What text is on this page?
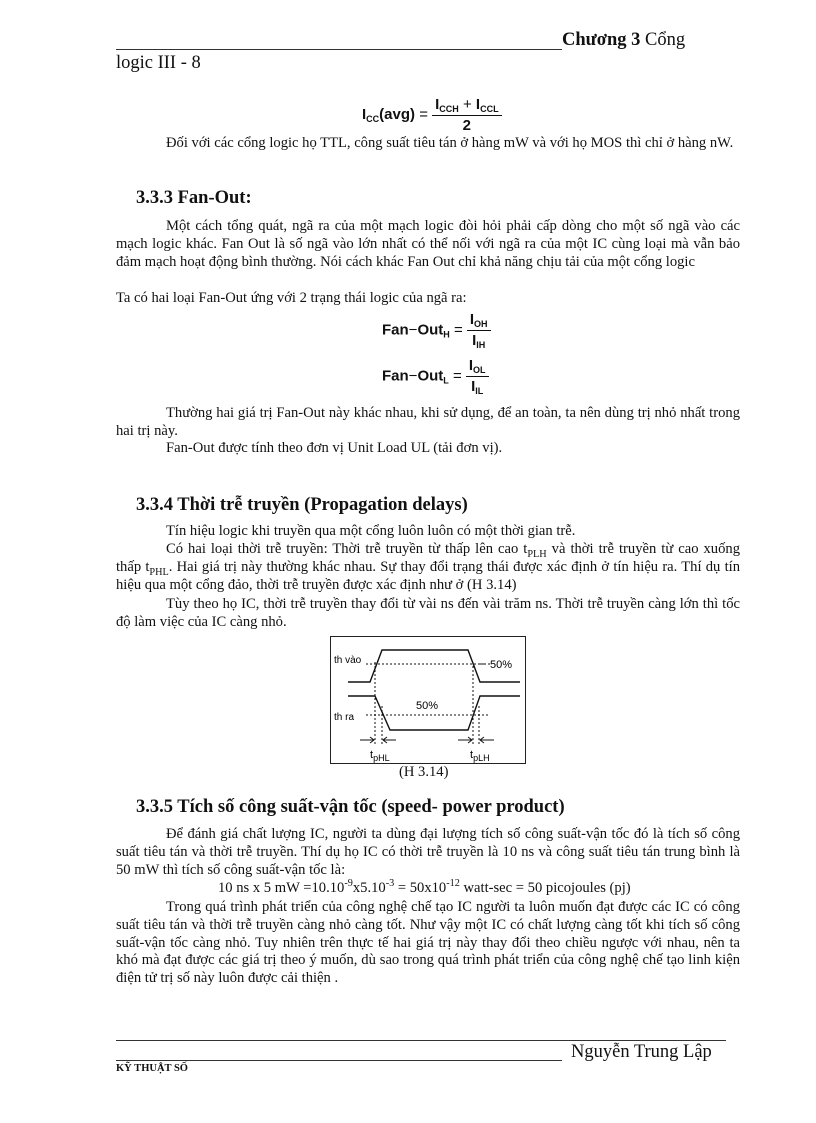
Chương 3 Cổng
logic III - 8
$I_{CC}(avg) = \frac{I_{CCH} + I_{CCL}}{2}$
Đối với các cổng logic họ TTL, công suất tiêu tán ở hàng mW và với họ MOS thì chỉ ở hàng nW.
3.3.3 Fan-Out:
Một cách tổng quát, ngã ra của một mạch logic đòi hỏi phải cấp dòng cho một số ngã vào các mạch logic khác. Fan Out là số ngã vào lớn nhất có thể nối với ngã ra của một IC cùng loại mà vẫn bảo đảm mạch hoạt động bình thường. Nói cách khác Fan Out chỉ khả năng chịu tải của một cổng logic
Ta có hai loại Fan-Out ứng với 2 trạng thái logic của ngã ra:
$Fan-Out_H = \frac{I_{OH}}{I_{IH}}$
$Fan-Out_L = \frac{I_{OL}}{I_{IL}}$
Thường hai giá trị Fan-Out này khác nhau, khi sử dụng, để an toàn, ta nên dùng trị nhỏ nhất trong hai trị này.
Fan-Out được tính theo đơn vị Unit Load UL (tải đơn vị).
3.3.4 Thời trễ truyền (Propagation delays)
Tín hiệu logic khi truyền qua một cổng luôn luôn có một thời gian trễ.
Có hai loại thời trễ truyền: Thời trễ truyền từ thấp lên cao $t_{PLH}$ và thời trễ truyền từ cao xuống thấp $t_{PHL}$. Hai giá trị này thường khác nhau. Sự thay đổi trạng thái được xác định ở tín hiệu ra. Thí dụ tín hiệu qua một cổng đảo, thời trễ truyền được xác định như ở (H 3.14)
Tùy theo họ IC, thời trễ truyền thay đổi từ vài ns đến vài trăm ns. Thời trễ truyền càng lớn thì tốc độ làm việc của IC càng nhỏ.
th vào
th ra
50%
50%
$t_{pHL}$	$t_{pLH}$
(H 3.14)
3.3.5 Tích số công suất-vận tốc (speed- power product)
Để đánh giá chất lượng IC, người ta dùng đại lượng tích số công suất-vận tốc đó là tích số công suất tiêu tán và thời trễ truyền. Thí dụ họ IC có thời trễ truyền là 10 ns và công suất tiêu tán trung bình là 50 mW thì tích số công suất-vận tốc là:
10 ns x 5 mW $=10.10^{-9}x5.10^{-3} = 50x10^{-12}$ watt-sec = 50 picojoules (pj)
Trong quá trình phát triển của công nghệ chế tạo IC người ta luôn muốn đạt được các IC có công suất tiêu tán và thời trễ truyền càng nhỏ càng tốt. Như vậy một IC có chất lượng càng tốt khi tích số công suất-vận tốc càng nhỏ. Tuy nhiên trên thực tế hai giá trị này thay đổi theo chiều ngược với nhau, nên ta khó mà đạt được các giá trị theo ý muốn, dù sao trong quá trình phát triển của công nghệ chế tạo linh kiện điện tử trị số này luôn được cải thiện .
Nguyễn Trung Lập
KỸ THUẬT SỐ
